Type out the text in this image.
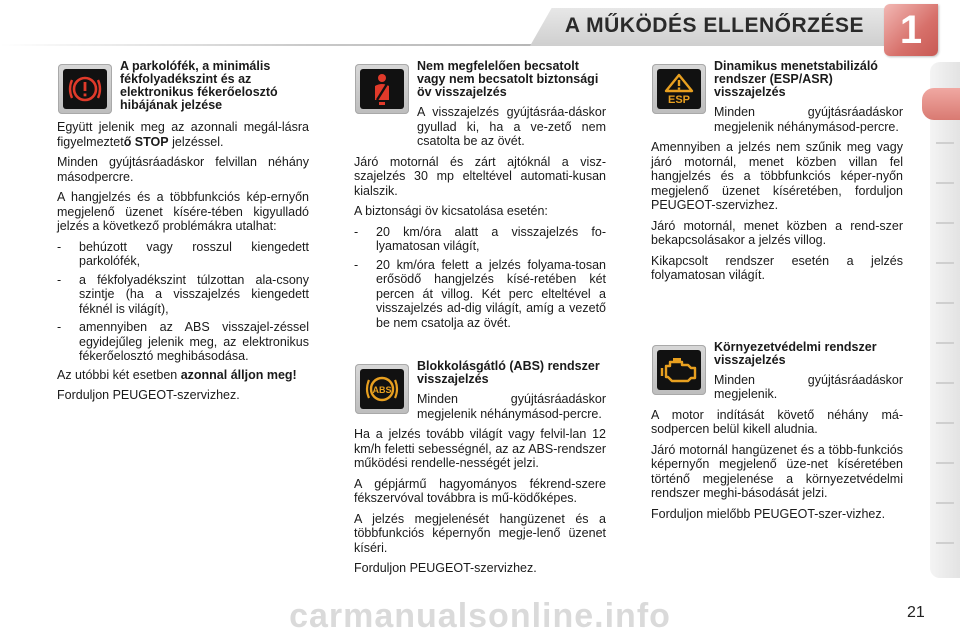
A MŰKÖDÉS ELLENŐRZÉSE 1
A parkolófék, a minimális fékfolyadékszint és az elektronikus fékerőelosztó hibájának jelzése

Együtt jelenik meg az azonnali megál-lásra figyelmeztető STOP jelzéssel.

Minden gyújtásráadáskor felvillan néhány másodpercre.

A hangjelzés és a többfunkciós kép-ernyőn megjelenő üzenet kísére-tében kigyulladó jelzés a következő problémákra utalhat:

-	behúzott vagy rosszul kiengedett parkolófék,
-	a fékfolyadékszint túlzottan ala-csony szintje (ha a visszajelzés kiengedett féknél is világít),
-	amennyiben az ABS visszajel-zéssel egyidejűleg jelenik meg, az elektronikus fékerőelosztó meghibásodása.

Az utóbbi két esetben azonnal álljon meg!

Forduljon PEUGEOT-szervizhez.

Nem megfelelően becsatolt vagy nem becsatolt biztonsági öv visszajelzés

A visszajelzés gyújtásráa-dáskor gyullad ki, ha a ve-zető nem csatolta be az övét.

Járó motornál és zárt ajtóknál a visz-szajelzés 30 mp elteltével automati-kusan kialszik.

A biztonsági öv kicsatolása esetén:

-	20 km/óra alatt a visszajelzés fo-lyamatosan világít,
-	20 km/óra felett a jelzés folyama-tosan erősödő hangjelzés kísé-retében két percen át villog. Két perc elteltével a visszajelzés ad-dig világít, amíg a vezető be nem csatolja az övét.
ABS
Blokkolásgátló (ABS) rendszer visszajelzés

Minden gyújtásráadáskor megjelenik néhánymásod-percre.

Ha a jelzés tovább világít vagy felvil-lan 12 km/h feletti sebességnél, az az ABS-rendszer működési rendelle-nességét jelzi.

A gépjármű hagyományos fékrend-szere fékszervóval továbbra is mű-ködőképes.

A jelzés megjelenését hangüzenet és a többfunkciós képernyőn megje-lenő üzenet kíséri.

Forduljon PEUGEOT-szervizhez.

ESP
Dinamikus menetstabilizáló rendszer (ESP/ASR) visszajelzés

Minden gyújtásráadáskor megjelenik néhánymásod-percre.

Amennyiben a jelzés nem szűnik meg vagy járó motornál, menet közben villan fel hangjelzés és a többfunkciós képer-nyőn megjelenő üzenet kíséretében, forduljon PEUGEOT-szervizhez.

Járó motornál, menet közben a rend-szer bekapcsolásakor a jelzés villog.

Kikapcsolt rendszer esetén a jelzés folyamatosan világít.

Környezetvédelmi rendszer visszajelzés

Minden gyújtásráadáskor megjelenik.

A motor indítását követő néhány má-sodpercen belül kikell aludnia.

Járó motornál hangüzenet és a több-funkciós képernyőn megjelenő üze-net kíséretében történő megjelenése a környezetvédelmi rendszer meghi-básodását jelzi.

Forduljon mielőbb PEUGEOT-szer-vizhez.

21
carmanualsonline.info
